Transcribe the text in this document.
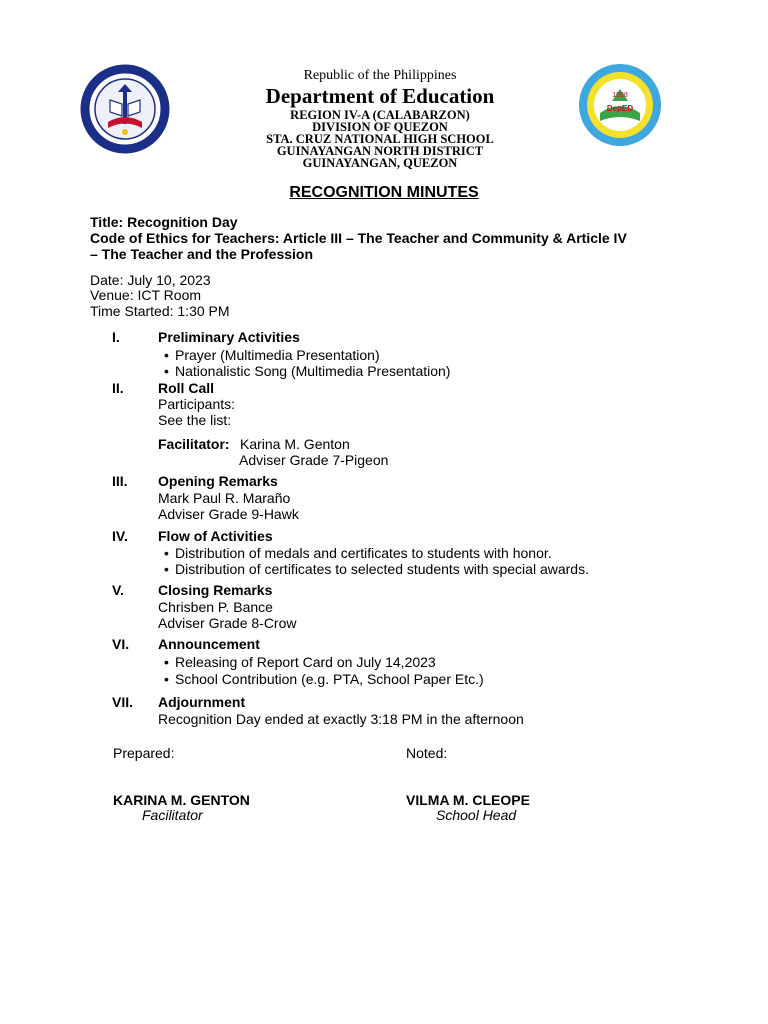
1998
DepED
Republic of the Philippines
Department of Education
REGION IV-A (CALABARZON)
DIVISION OF QUEZON
STA. CRUZ NATIONAL HIGH SCHOOL
GUINAYANGAN NORTH DISTRICT
GUINAYANGAN, QUEZON
RECOGNITION MINUTES
Title: Recognition Day
Code of Ethics for Teachers: Article III – The Teacher and Community & Article IV
– The Teacher and the Profession
Date: July 10, 2023
Venue: ICT Room
Time Started: 1:30 PM
I.	Preliminary Activities
• Prayer (Multimedia Presentation)
• Nationalistic Song (Multimedia Presentation)
II. Roll Call
Participants:
See the list:
Facilitator: Karina M. Genton
Adviser Grade 7-Pigeon
III. Opening Remarks
Mark Paul R. Maraño
Adviser Grade 9-Hawk
IV. Flow of Activities
• Distribution of medals and certificates to students with honor.
• Distribution of certificates to selected students with special awards.
V. Closing Remarks
Chrisben P. Bance
Adviser Grade 8-Crow
VI. Announcement
• Releasing of Report Card on July 14,2023
• School Contribution (e.g. PTA, School Paper Etc.)
VII. Adjournment
Recognition Day ended at exactly 3:18 PM in the afternoon
Prepared:	Noted:
KARINA M. GENTON	VILMA M. CLEOPE
Facilitator	School Head
